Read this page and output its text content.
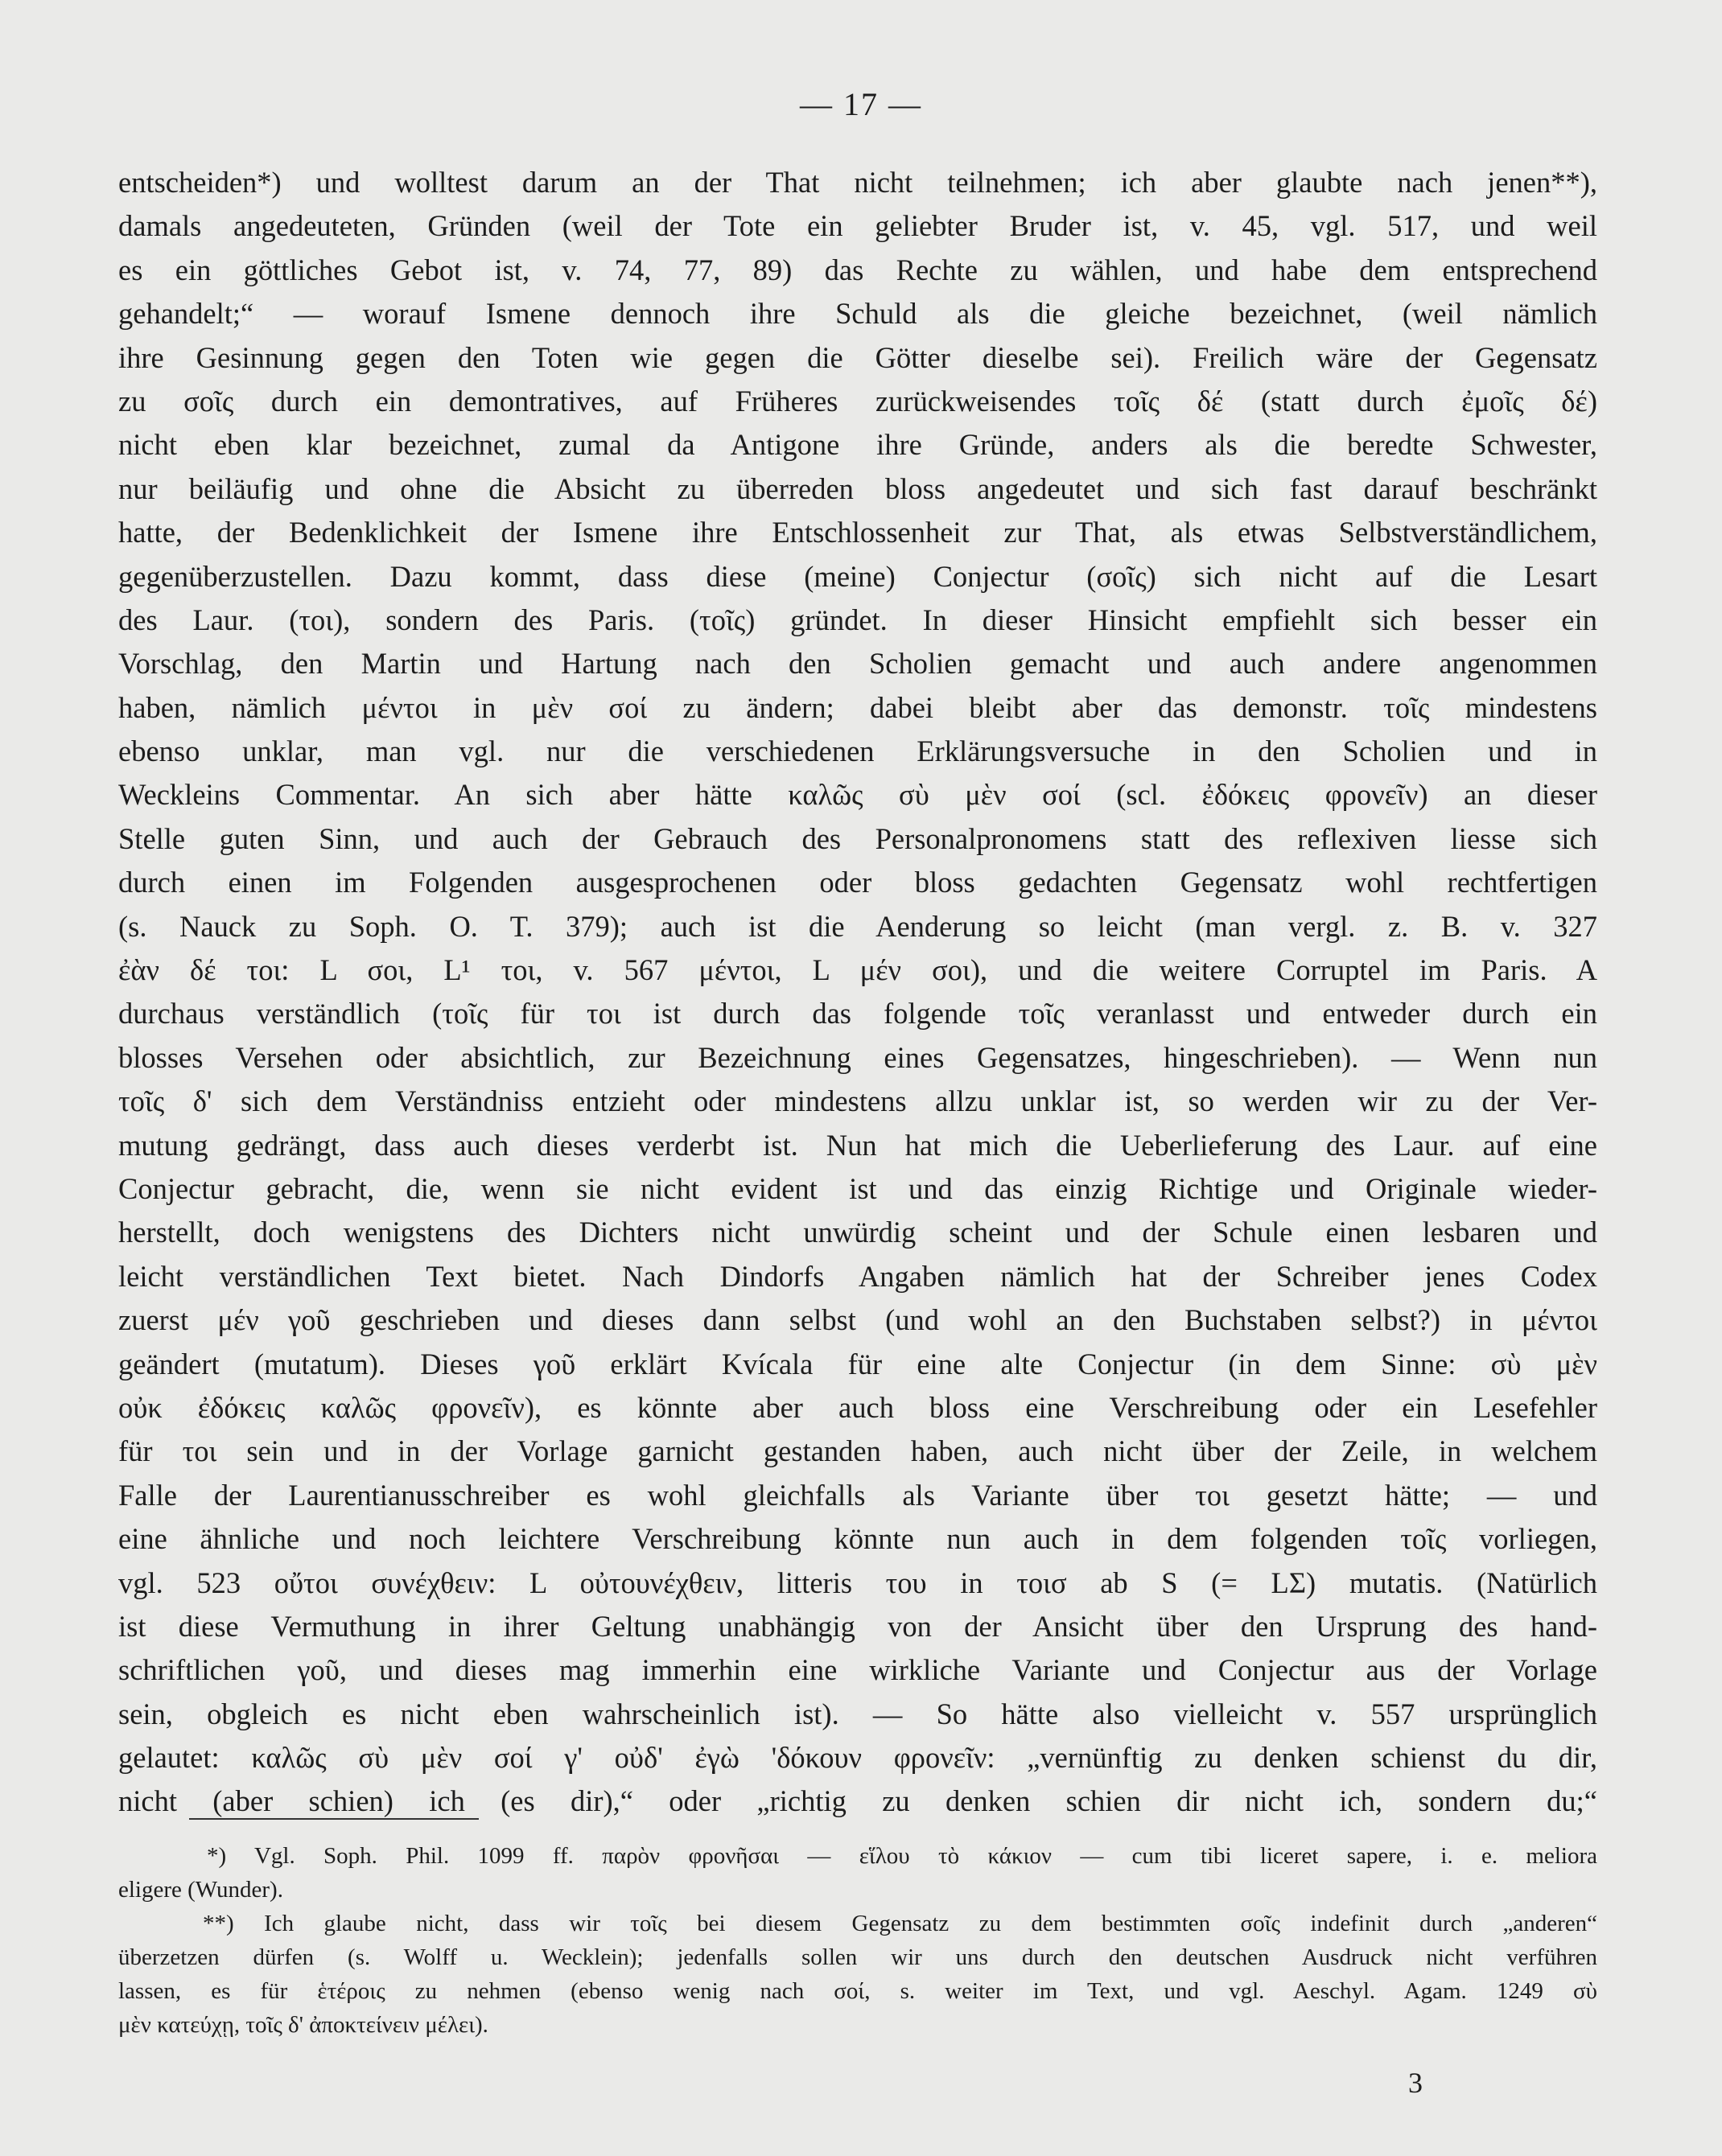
— 17 —
entscheiden*) und wolltest darum an der That nicht teilnehmen; ich aber glaubte nach jenen**),
damals angedeuteten, Gründen (weil der Tote ein geliebter Bruder ist, v. 45, vgl. 517, und weil
es ein göttliches Gebot ist, v. 74, 77, 89) das Rechte zu wählen, und habe dem entsprechend
gehandelt;“ — worauf Ismene dennoch ihre Schuld als die gleiche bezeichnet, (weil nämlich
ihre Gesinnung gegen den Toten wie gegen die Götter dieselbe sei). Freilich wäre der Gegensatz
zu σοῖς durch ein demontratives, auf Früheres zurückweisendes τοῖς δέ (statt durch ἐμοῖς δέ)
nicht eben klar bezeichnet, zumal da Antigone ihre Gründe, anders als die beredte Schwester,
nur beiläufig und ohne die Absicht zu überreden bloss angedeutet und sich fast darauf beschränkt
hatte, der Bedenklichkeit der Ismene ihre Entschlossenheit zur That, als etwas Selbstverständlichem,
gegenüberzustellen. Dazu kommt, dass diese (meine) Conjectur (σοῖς) sich nicht auf die Lesart
des Laur. (τοι), sondern des Paris. (τοῖς) gründet. In dieser Hinsicht empfiehlt sich besser ein
Vorschlag, den Martin und Hartung nach den Scholien gemacht und auch andere angenommen
haben, nämlich μέντοι in μὲν σοί zu ändern; dabei bleibt aber das demonstr. τοῖς mindestens
ebenso unklar, man vgl. nur die verschiedenen Erklärungsversuche in den Scholien und in
Weckleins Commentar. An sich aber hätte καλῶς σὺ μὲν σοί (scl. ἐδόκεις φρονεῖν) an dieser
Stelle guten Sinn, und auch der Gebrauch des Personalpronomens statt des reflexiven liesse sich
durch einen im Folgenden ausgesprochenen oder bloss gedachten Gegensatz wohl rechtfertigen
(s. Nauck zu Soph. O. T. 379); auch ist die Aenderung so leicht (man vergl. z. B. v. 327
ἐὰν δέ τοι: L σοι, L¹ τοι, v. 567 μέντοι, L μέν σοι), und die weitere Corruptel im Paris. A
durchaus verständlich (τοῖς für τοι ist durch das folgende τοῖς veranlasst und entweder durch ein
blosses Versehen oder absichtlich, zur Bezeichnung eines Gegensatzes, hingeschrieben). — Wenn nun
τοῖς δ' sich dem Verständniss entzieht oder mindestens allzu unklar ist, so werden wir zu der Ver-
mutung gedrängt, dass auch dieses verderbt ist. Nun hat mich die Ueberlieferung des Laur. auf eine
Conjectur gebracht, die, wenn sie nicht evident ist und das einzig Richtige und Originale wieder-
herstellt, doch wenigstens des Dichters nicht unwürdig scheint und der Schule einen lesbaren und
leicht verständlichen Text bietet. Nach Dindorfs Angaben nämlich hat der Schreiber jenes Codex
zuerst μέν γοῦ geschrieben und dieses dann selbst (und wohl an den Buchstaben selbst?) in μέντοι
geändert (mutatum). Dieses γοῦ erklärt Kvícala für eine alte Conjectur (in dem Sinne: σὺ μὲν
οὐκ ἐδόκεις καλῶς φρονεῖν), es könnte aber auch bloss eine Verschreibung oder ein Lesefehler
für τοι sein und in der Vorlage garnicht gestanden haben, auch nicht über der Zeile, in welchem
Falle der Laurentianusschreiber es wohl gleichfalls als Variante über τοι gesetzt hätte; — und
eine ähnliche und noch leichtere Verschreibung könnte nun auch in dem folgenden τοῖς vorliegen,
vgl. 523 οὔτοι συνέχθειν: L οὐτουνέχθειν, litteris του in τοισ ab S (= LΣ) mutatis. (Natürlich
ist diese Vermuthung in ihrer Geltung unabhängig von der Ansicht über den Ursprung des hand-
schriftlichen γοῦ, und dieses mag immerhin eine wirkliche Variante und Conjectur aus der Vorlage
sein, obgleich es nicht eben wahrscheinlich ist). — So hätte also vielleicht v. 557 ursprünglich
gelautet: καλῶς σὺ μὲν σοί γ' οὐδ' ἐγὼ 'δόκουν φρονεῖν: „vernünftig zu denken schienst du dir,
nicht (aber schien) ich (es dir),“ oder „richtig zu denken schien dir nicht ich, sondern du;“
*) Vgl. Soph. Phil. 1099 ff. παρὸν φρονῆσαι — εἵλου τὸ κάκιον — cum tibi liceret sapere, i. e. meliora
eligere (Wunder).
**) Ich glaube nicht, dass wir τοῖς bei diesem Gegensatz zu dem bestimmten σοῖς indefinit durch „anderen“
überzetzen dürfen (s. Wolff u. Wecklein); jedenfalls sollen wir uns durch den deutschen Ausdruck nicht verführen
lassen, es für ἑτέροις zu nehmen (ebenso wenig nach σοί, s. weiter im Text, und vgl. Aeschyl. Agam. 1249 σὺ
μὲν κατεύχῃ, τοῖς δ' ἀποκτείνειν μέλει).
3
